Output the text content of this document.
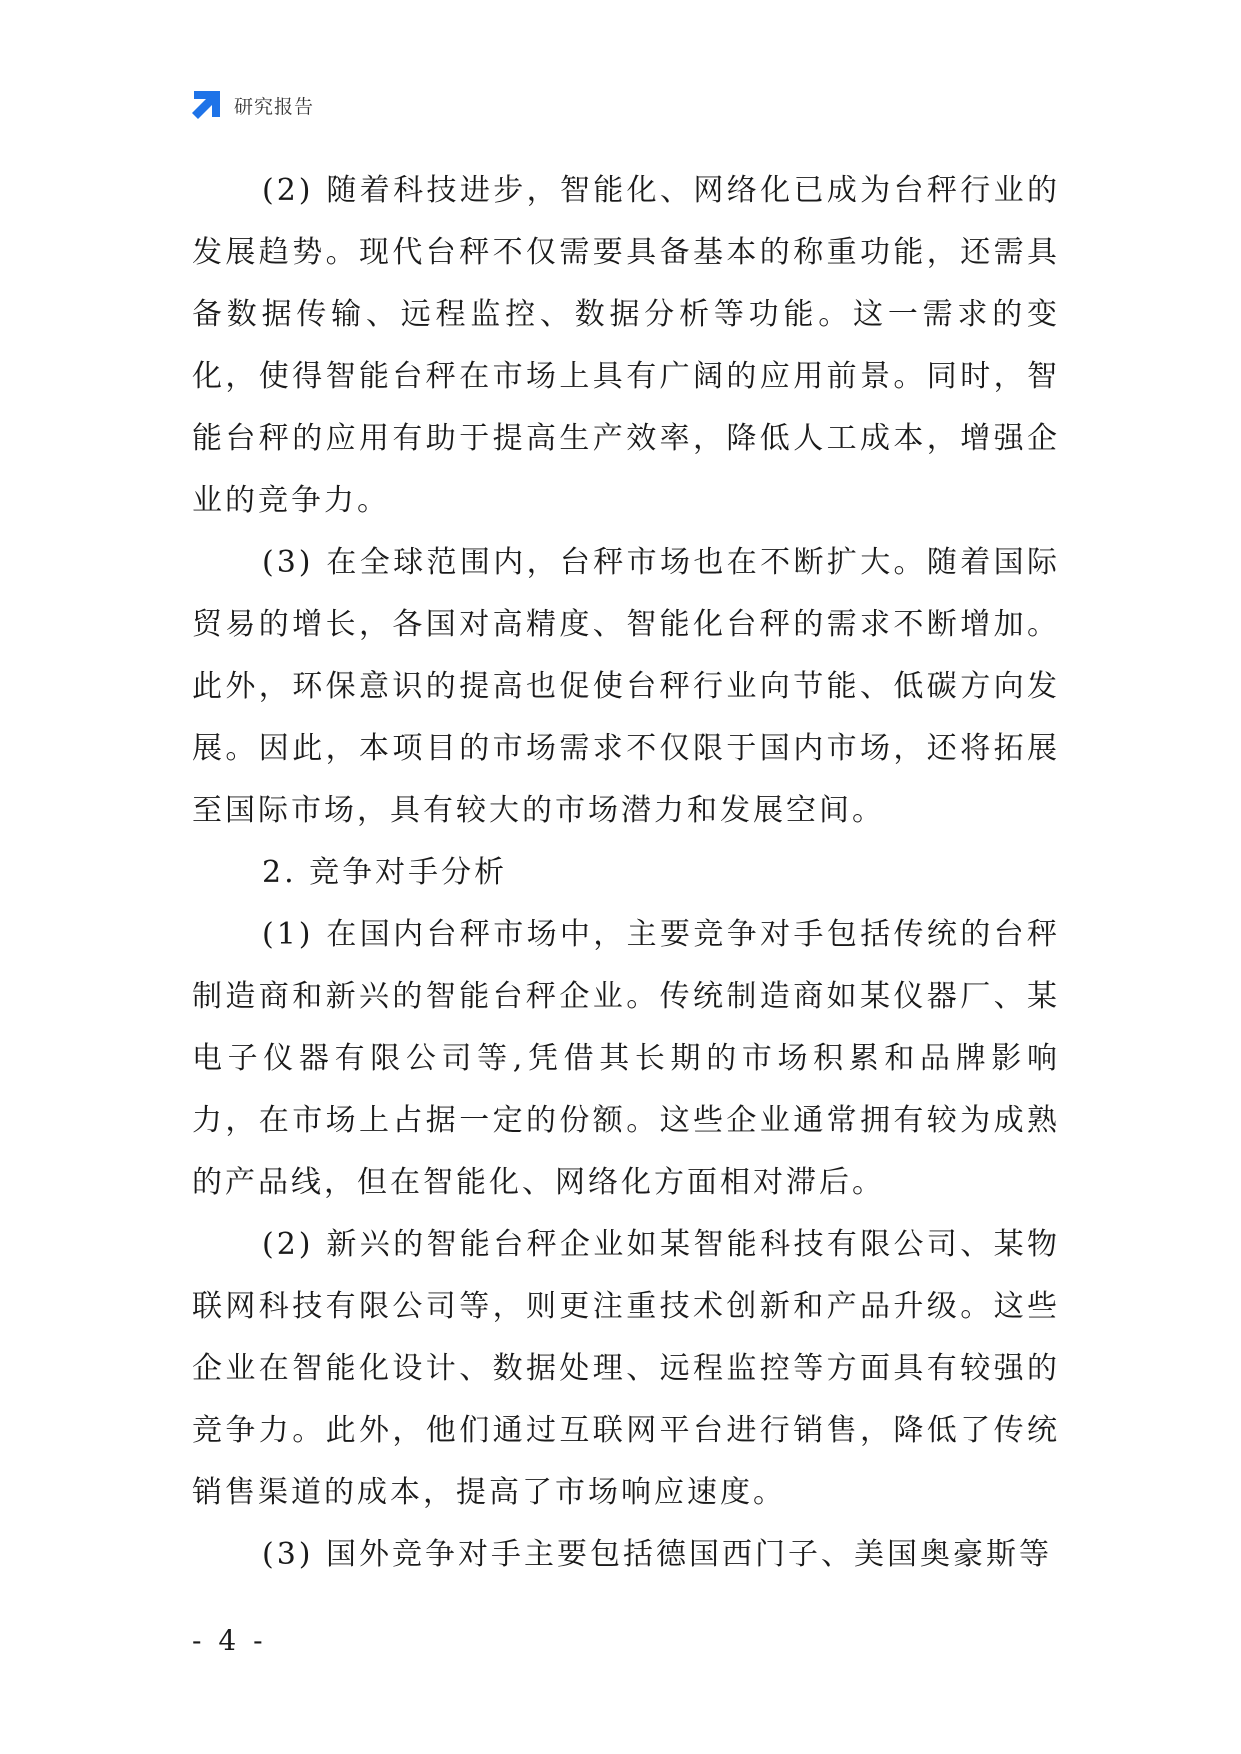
研究报告

(2) 随着科技进步，智能化、网络化已成为台秤行业的发展趋势。现代台秤不仅需要具备基本的称重功能，还需具备数据传输、远程监控、数据分析等功能。这一需求的变化，使得智能台秤在市场上具有广阔的应用前景。同时，智能台秤的应用有助于提高生产效率，降低人工成本，增强企业的竞争力。

(3) 在全球范围内，台秤市场也在不断扩大。随着国际贸易的增长，各国对高精度、智能化台秤的需求不断增加。此外，环保意识的提高也促使台秤行业向节能、低碳方向发展。因此，本项目的市场需求不仅限于国内市场，还将拓展至国际市场，具有较大的市场潜力和发展空间。

2. 竞争对手分析

(1) 在国内台秤市场中，主要竞争对手包括传统的台秤制造商和新兴的智能台秤企业。传统制造商如某仪器厂、某电子仪器有限公司等,凭借其长期的市场积累和品牌影响力，在市场上占据一定的份额。这些企业通常拥有较为成熟的产品线，但在智能化、网络化方面相对滞后。

(2) 新兴的智能台秤企业如某智能科技有限公司、某物联网科技有限公司等，则更注重技术创新和产品升级。这些企业在智能化设计、数据处理、远程监控等方面具有较强的竞争力。此外，他们通过互联网平台进行销售，降低了传统销售渠道的成本，提高了市场响应速度。

(3) 国外竞争对手主要包括德国西门子、美国奥豪斯等

- 4 -
